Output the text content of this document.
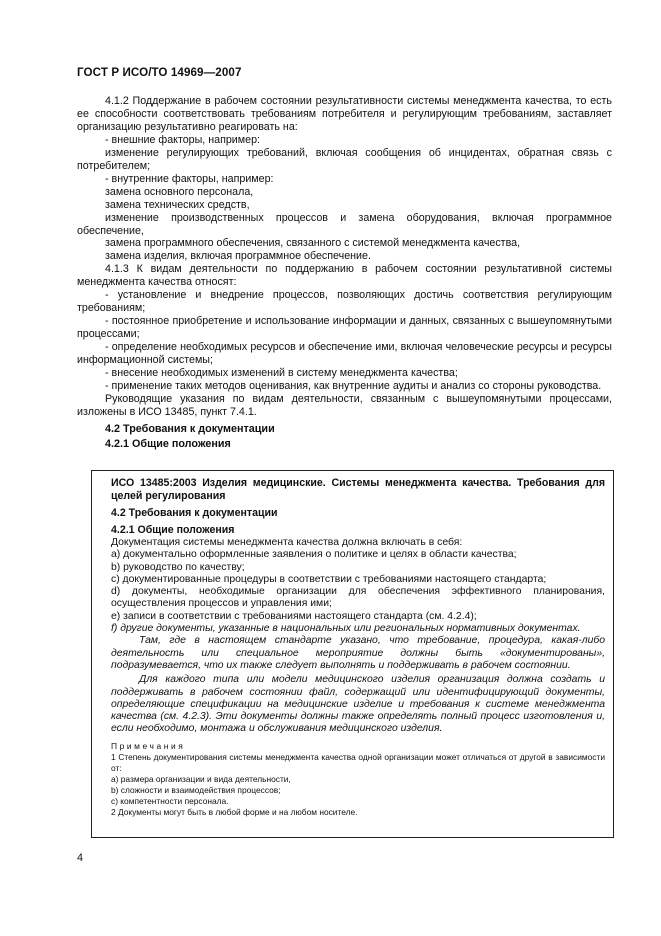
ГОСТ Р ИСО/ТО 14969—2007

4.1.2 Поддержание в рабочем состоянии результативности системы менеджмента качества, то есть ее способности соответствовать требованиям потребителя и регулирующим требованиям, заставляет организацию результативно реагировать на:

- внешние факторы, например:

изменение регулирующих требований, включая сообщения об инцидентах, обратная связь с потребителем;

- внутренние факторы, например:

замена основного персонала,

замена технических средств,

изменение производственных процессов и замена оборудования, включая программное обеспечение,

замена программного обеспечения, связанного с системой менеджмента качества,

замена изделия, включая программное обеспечение.

4.1.3 К видам деятельности по поддержанию в рабочем состоянии результативной системы менеджмента качества относят:

- установление и внедрение процессов, позволяющих достичь соответствия регулирующим требованиям;

- постоянное приобретение и использование информации и данных, связанных с вышеупомянутыми процессами;

- определение необходимых ресурсов и обеспечение ими, включая человеческие ресурсы и ресурсы информационной системы;

- внесение необходимых изменений в систему менеджмента качества;

- применение таких методов оценивания, как внутренние аудиты и анализ со стороны руководства.

Руководящие указания по видам деятельности, связанным с вышеупомянутыми процессами, изложены в ИСО 13485, пункт 7.4.1.

4.2 Требования к документации

4.2.1 Общие положения

ИСО 13485:2003 Изделия медицинские. Системы менеджмента качества. Требования для целей регулирования

4.2 Требования к документации

4.2.1 Общие положения

Документация системы менеджмента качества должна включать в себя:

a) документально оформленные заявления о политике и целях в области качества;

b) руководство по качеству;

c) документированные процедуры в соответствии с требованиями настоящего стандарта;

d) документы, необходимые организации для обеспечения эффективного планирования, осуществления процессов и управления ими;

e) записи в соответствии с требованиями настоящего стандарта (см. 4.2.4);

f) другие документы, указанные в национальных или региональных нормативных документах.

Там, где в настоящем стандарте указано, что требование, процедура, какая-либо деятельность или специальное мероприятие должны быть «документированы», подразумевается, что их также следует выполнять и поддерживать в рабочем состоянии.

Для каждого типа или модели медицинского изделия организация должна создать и поддерживать в рабочем состоянии файл, содержащий или идентифицирующий документы, определяющие спецификации на медицинские изделие и требования к системе менеджмента качества (см. 4.2.3). Эти документы должны также определять полный процесс изготовления и, если необходимо, монтажа и обслуживания медицинского изделия.

Примечания

1 Степень документирования системы менеджмента качества одной организации может отличаться от другой в зависимости от:

a) размера организации и вида деятельности,

b) сложности и взаимодействия процессов;

c) компетентности персонала.

2 Документы могут быть в любой форме и на любом носителе.

4
